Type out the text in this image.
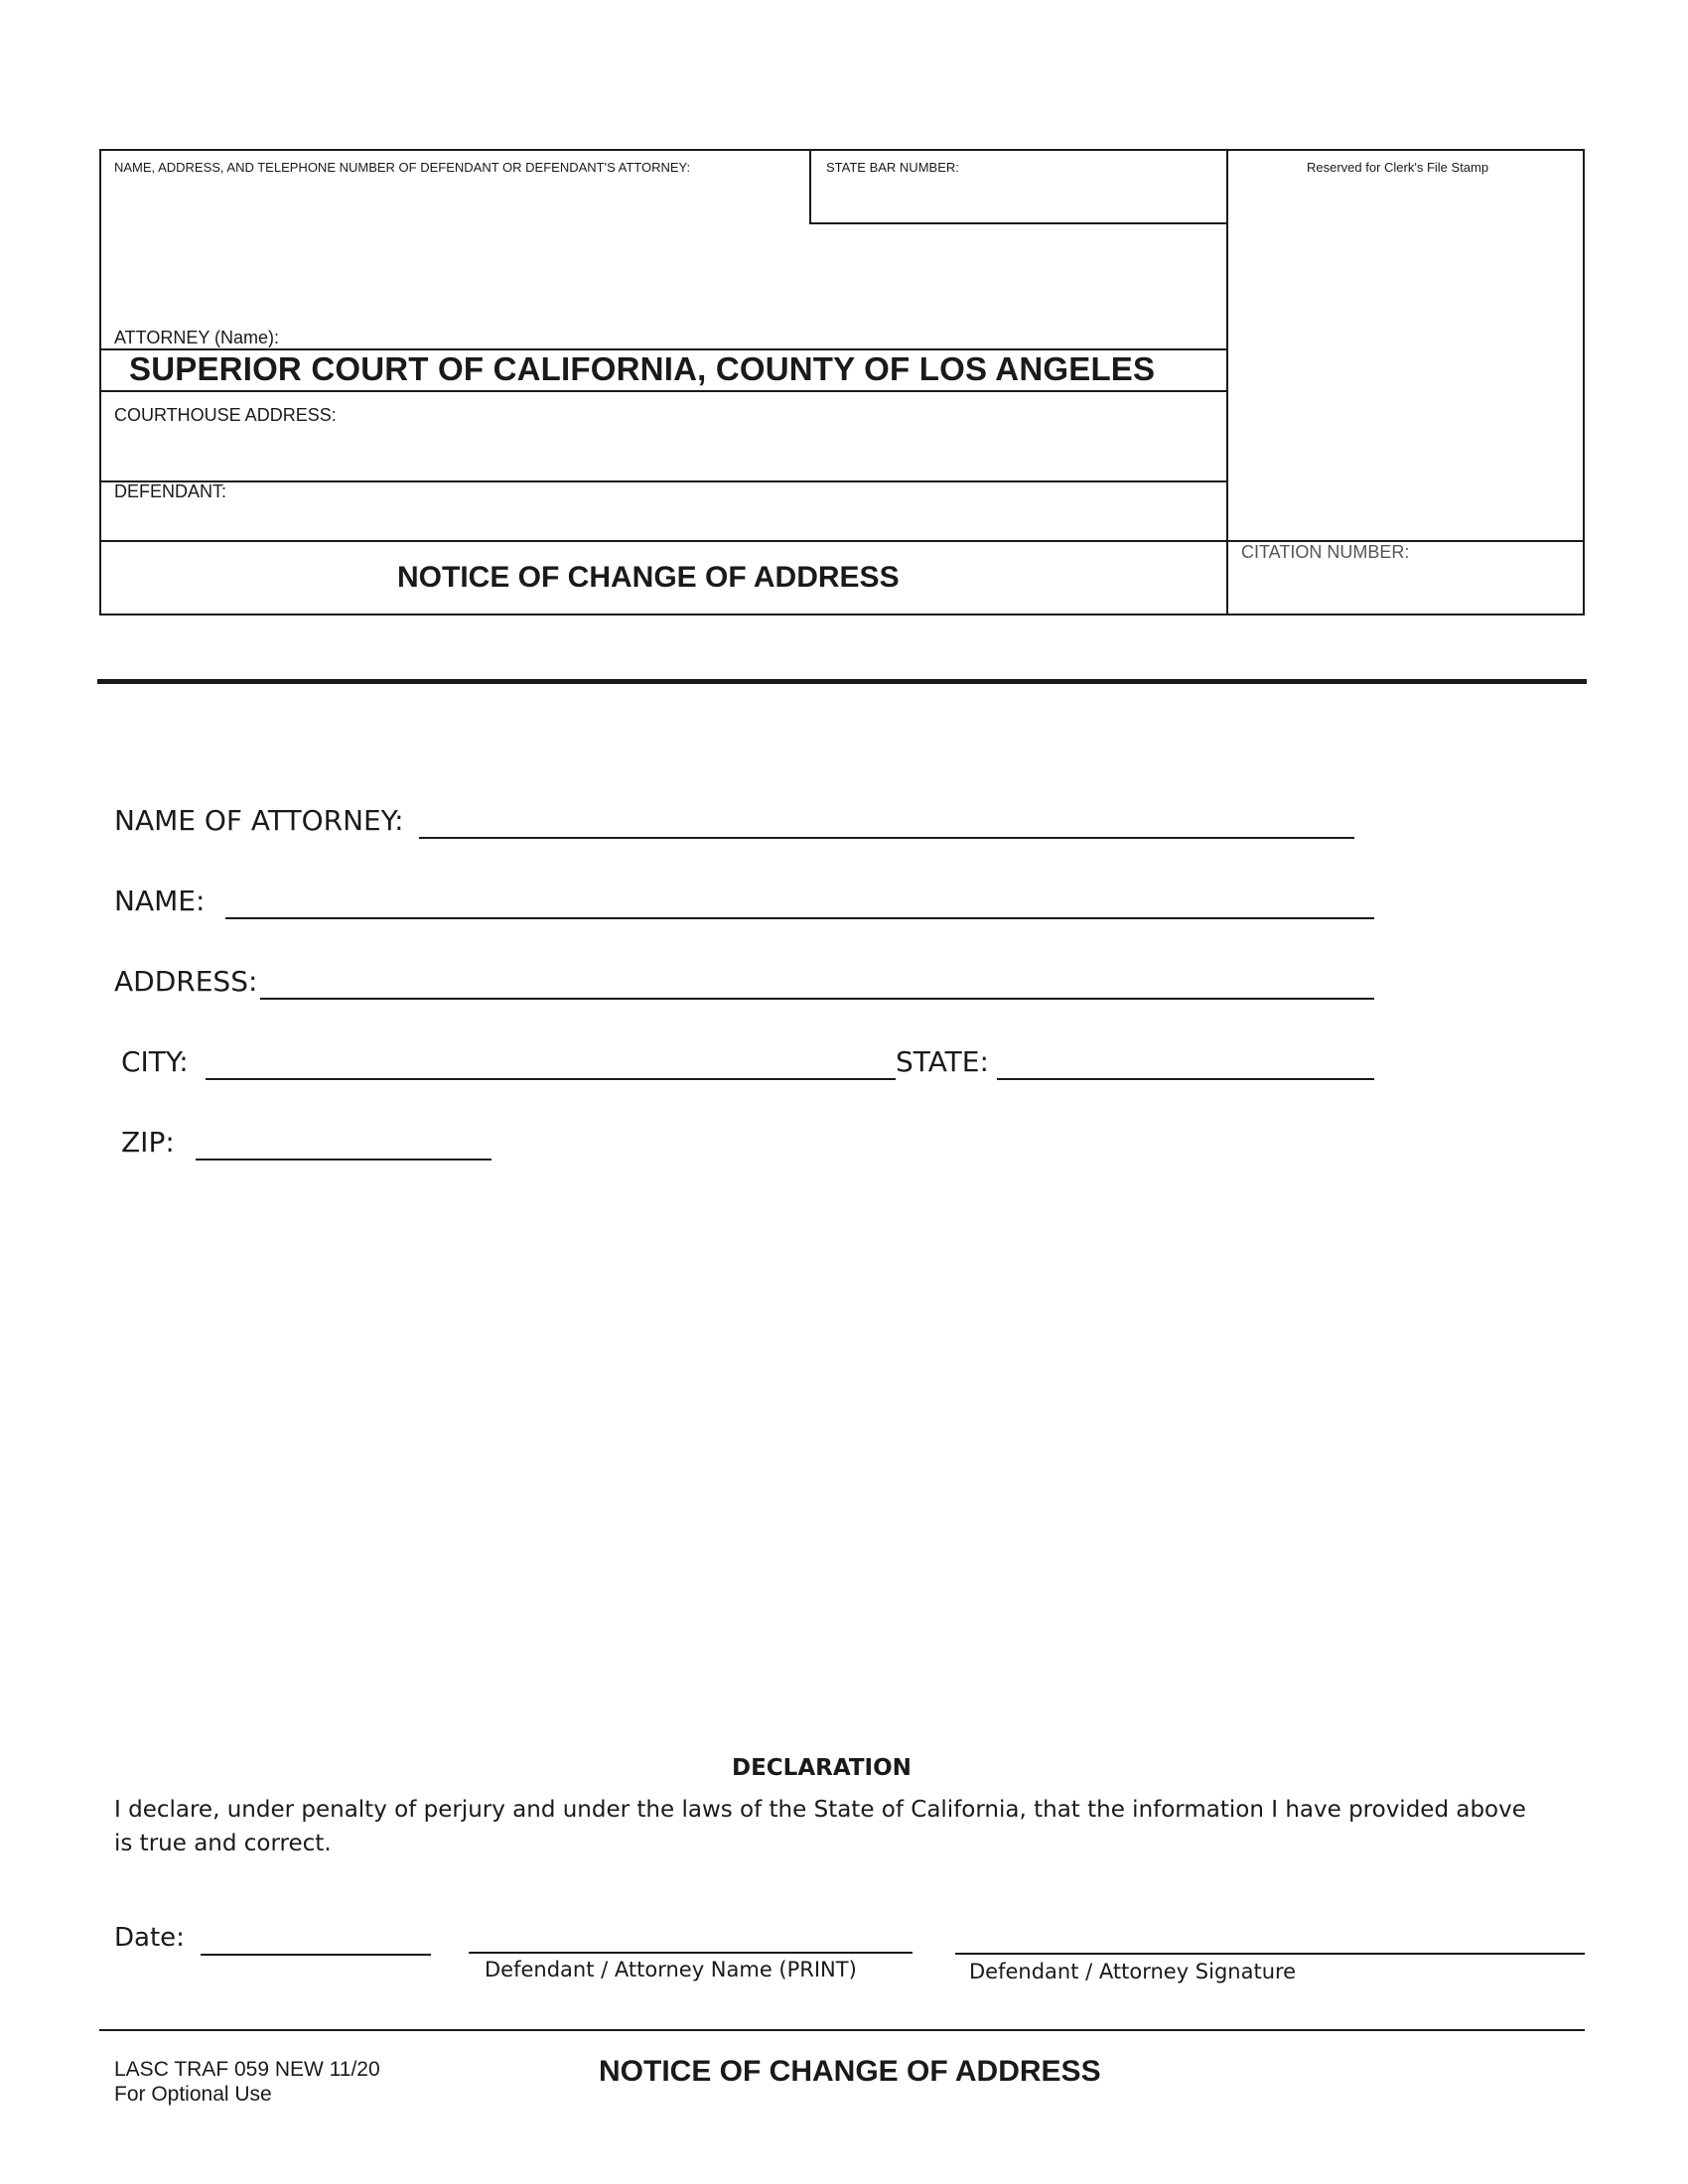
NAME, ADDRESS, AND TELEPHONE NUMBER OF DEFENDANT OR DEFENDANT'S ATTORNEY:	STATE BAR NUMBER:	Reserved for Clerk's File Stamp
ATTORNEY (Name):
SUPERIOR COURT OF CALIFORNIA, COUNTY OF LOS ANGELES
COURTHOUSE ADDRESS:
DEFENDANT:
NOTICE OF CHANGE OF ADDRESS
CITATION NUMBER:
NAME OF ATTORNEY:
NAME:
ADDRESS:
CITY:	STATE:
ZIP:
DECLARATION
I declare, under penalty of perjury and under the laws of the State of California, that the information I have provided above is true and correct.
Date:
Defendant / Attorney Name (PRINT)	Defendant / Attorney Signature
LASC TRAF 059 NEW 11/20
For Optional Use
NOTICE OF CHANGE OF ADDRESS
